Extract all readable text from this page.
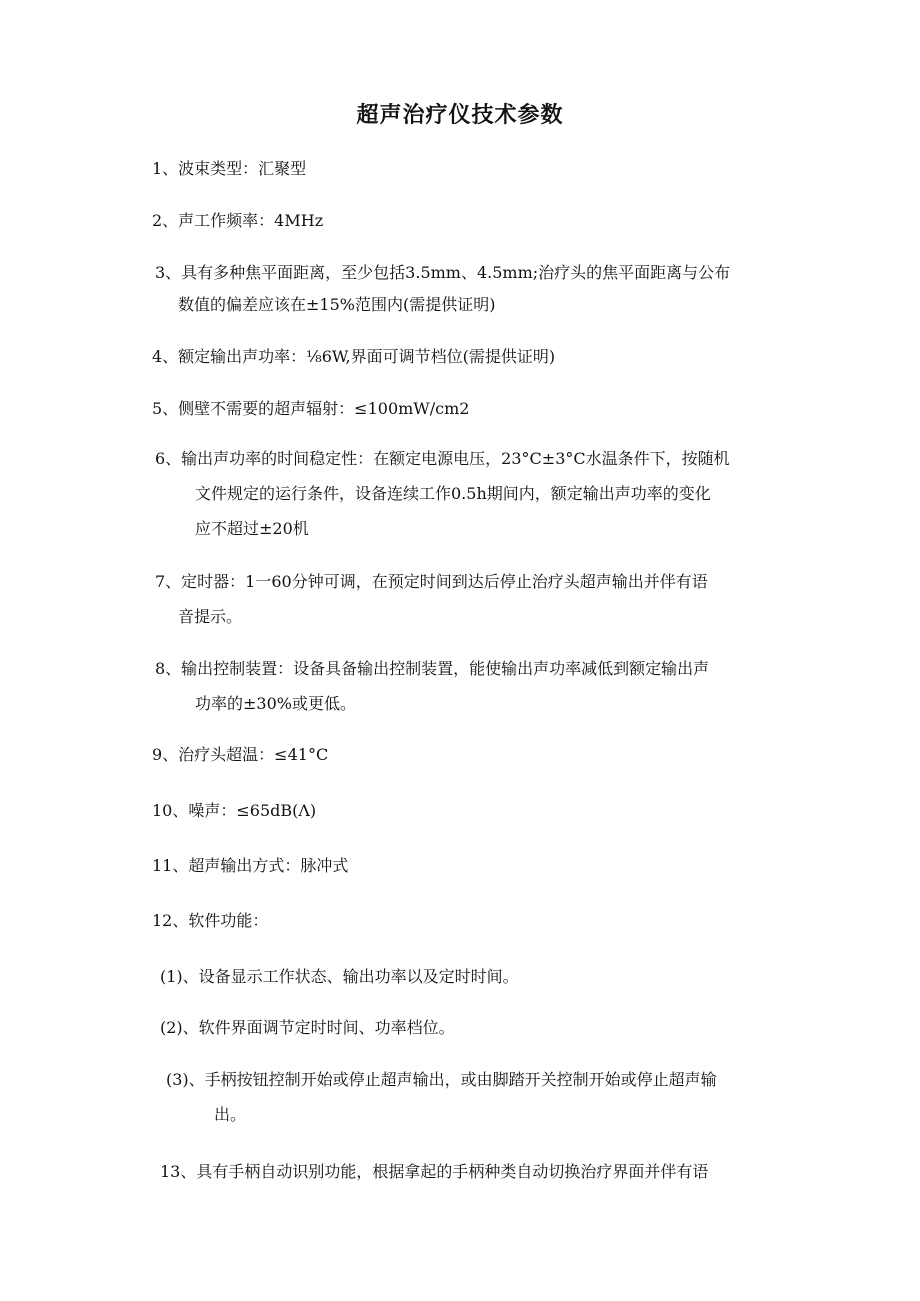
超声治疗仪技术参数
1、波束类型：汇聚型
2、声工作频率：4MHz
3、具有多种焦平面距离，至少包括3.5mm、4.5mm;治疗头的焦平面距离与公布
数值的偏差应该在±15%范围内(需提供证明)
4、额定输出声功率：⅛6W,界面可调节档位(需提供证明)
5、侧壁不需要的超声辐射：≤100mW∕cm2
6、输出声功率的时间稳定性：在额定电源电压，23°C±3°C水温条件下，按随机
文件规定的运行条件，设备连续工作0.5h期间内，额定输出声功率的变化
应不超过±20机
7、定时器：1一60分钟可调，在预定时间到达后停止治疗头超声输出并伴有语
音提示。
8、输出控制装置：设备具备输出控制装置，能使输出声功率减低到额定输出声
功率的±30%或更低。
9、治疗头超温：≤41°C
10、噪声：≤65dB(Λ)
11、超声输出方式：脉冲式
12、软件功能：
(1)、设备显示工作状态、输出功率以及定时时间。
(2)、软件界面调节定时时间、功率档位。
(3)、手柄按钮控制开始或停止超声输出，或由脚踏开关控制开始或停止超声输
出。
13、具有手柄自动识别功能，根据拿起的手柄种类自动切换治疗界面并伴有语
